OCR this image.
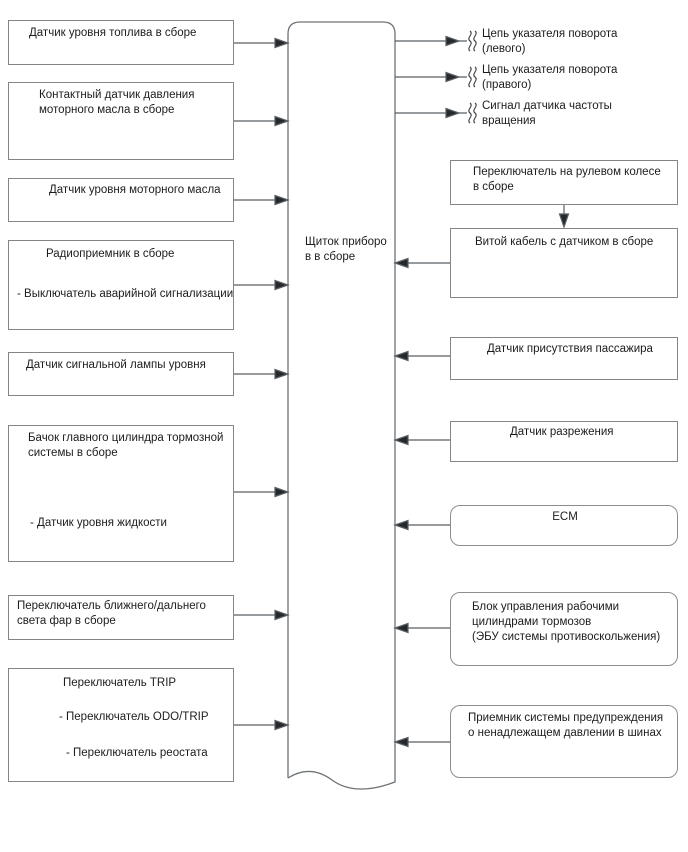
Щиток приборо
в в сборе
Датчик уровня топлива в сборе
Контактный датчик давления
моторного масла в сборе
Датчик уровня моторного масла
Радиоприемник в сборе
- Выключатель аварийной сигнализации
Датчик сигнальной лампы уровня
Бачок главного цилиндра тормозной
системы в сборе
- Датчик уровня жидкости
Переключатель ближнего/дальнего
света фар в сборе
Переключатель TRIP
- Переключатель ODO/TRIP
- Переключатель реостата
Цепь указателя поворота
(левого)
Цепь указателя поворота
(правого)
Сигнал датчика частоты
вращения
Переключатель на рулевом колесе
в сборе
Витой кабель с датчиком в сборе
Датчик присутствия пассажира
Датчик разрежения
ECM
Блок управления рабочими
цилиндрами тормозов
(ЭБУ системы противоскольжения)
Приемник системы предупреждения
о ненадлежащем давлении в шинах
